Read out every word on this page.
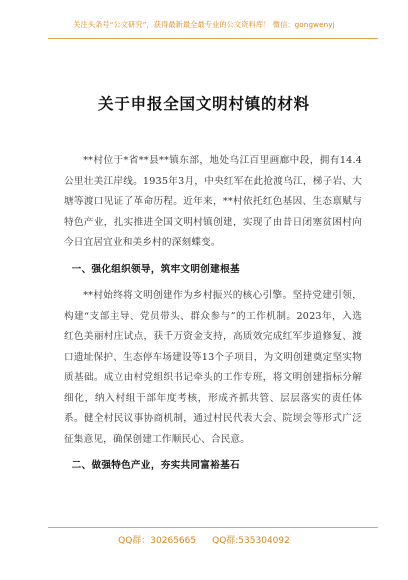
关注头条号“公文研究”，获得最新最全最专业的公文资料库！ 微信：gongwenyj
关于申报全国文明村镇的材料

**村位于*省**县**镇东部，地处乌江百里画廊中段，拥有14.4公里壮美江岸线。1935年3月，中央红军在此抢渡乌江，梯子岩、大塘等渡口见证了革命历程。近年来，**村依托红色基因、生态禀赋与特色产业，扎实推进全国文明村镇创建，实现了由昔日闭塞贫困村向今日宜居宜业和美乡村的深刻蝶变。

一、强化组织领导，筑牢文明创建根基

**村始终将文明创建作为乡村振兴的核心引擎。坚持党建引领，构建“支部主导、党员带头、群众参与”的工作机制。2023年，入选红色美丽村庄试点，获千万资金支持，高质效完成红军步道修复、渡口遗址保护、生态停车场建设等13个子项目，为文明创建奠定坚实物质基础。成立由村党组织书记牵头的工作专班，将文明创建指标分解细化，纳入村组干部年度考核，形成齐抓共管、层层落实的责任体系。健全村民议事协商机制，通过村民代表大会、院坝会等形式广泛征集意见，确保创建工作顺民心、合民意。

二、做强特色产业，夯实共同富裕基石

QQ群：30265665 QQ群:535304092
